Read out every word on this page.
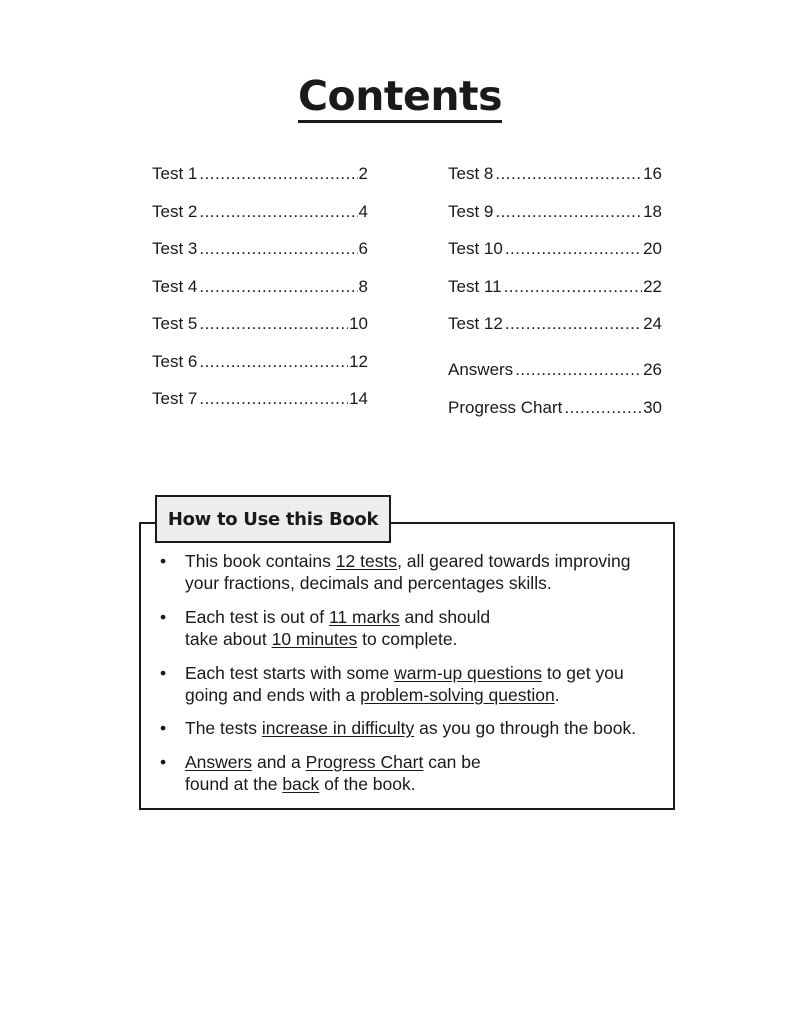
Contents
Test 1 .....	2
Test 2 .....	4
Test 3 .....	6
Test 4 .....	8
Test 5 .....	10
Test 6 .....	12
Test 7 .....	14
Test 8 .....	16
Test 9 .....	18
Test 10 .....	20
Test 11 .....	22
Test 12 .....	24
Answers .....	26
Progress Chart .....	30
How to Use this Book
•	This book contains 12 tests, all geared towards improving
your fractions, decimals and percentages skills.
•	Each test is out of 11 marks and should
take about 10 minutes to complete.
•	Each test starts with some warm-up questions to get you
going and ends with a problem-solving question.
•	The tests increase in difficulty as you go through the book.
•	Answers and a Progress Chart can be
found at the back of the book.
